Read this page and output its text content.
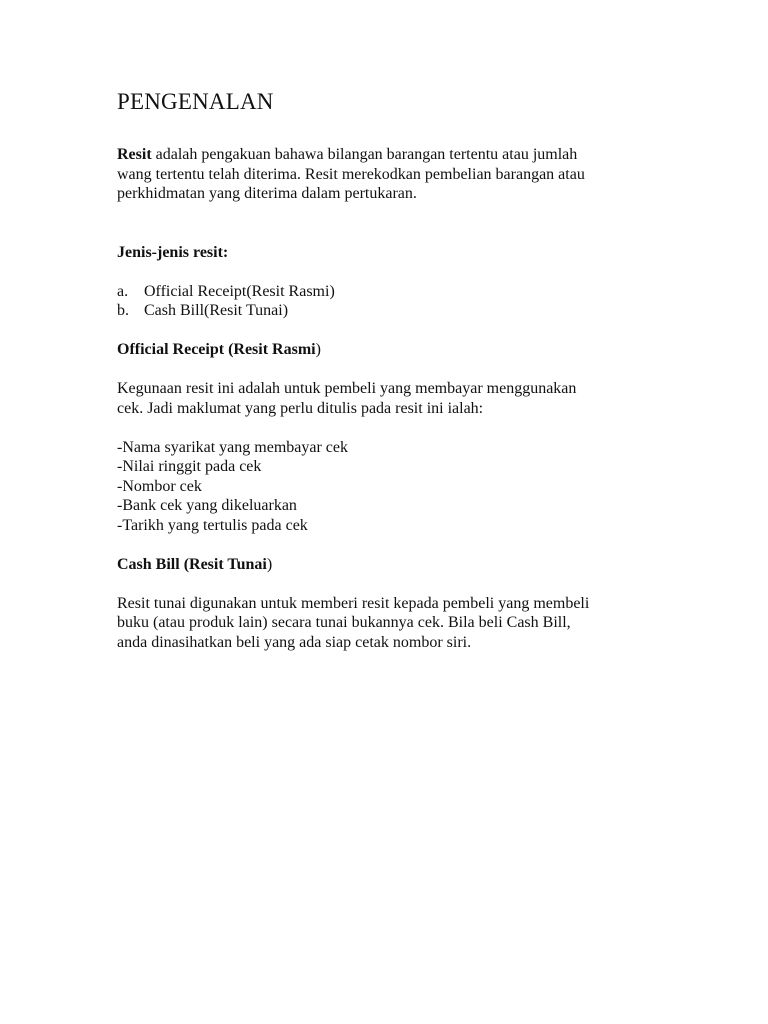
PENGENALAN

Resit adalah pengakuan bahawa bilangan barangan tertentu atau jumlah
wang tertentu telah diterima. Resit merekodkan pembelian barangan atau
perkhidmatan yang diterima dalam pertukaran.

Jenis-jenis resit:

a. Official Receipt(Resit Rasmi)
b. Cash Bill(Resit Tunai)

Official Receipt (Resit Rasmi)

Kegunaan resit ini adalah untuk pembeli yang membayar menggunakan
cek. Jadi maklumat yang perlu ditulis pada resit ini ialah:

-Nama syarikat yang membayar cek
-Nilai ringgit pada cek
-Nombor cek
-Bank cek yang dikeluarkan
-Tarikh yang tertulis pada cek

Cash Bill (Resit Tunai)

Resit tunai digunakan untuk memberi resit kepada pembeli yang membeli
buku (atau produk lain) secara tunai bukannya cek. Bila beli Cash Bill,
anda dinasihatkan beli yang ada siap cetak nombor siri.
